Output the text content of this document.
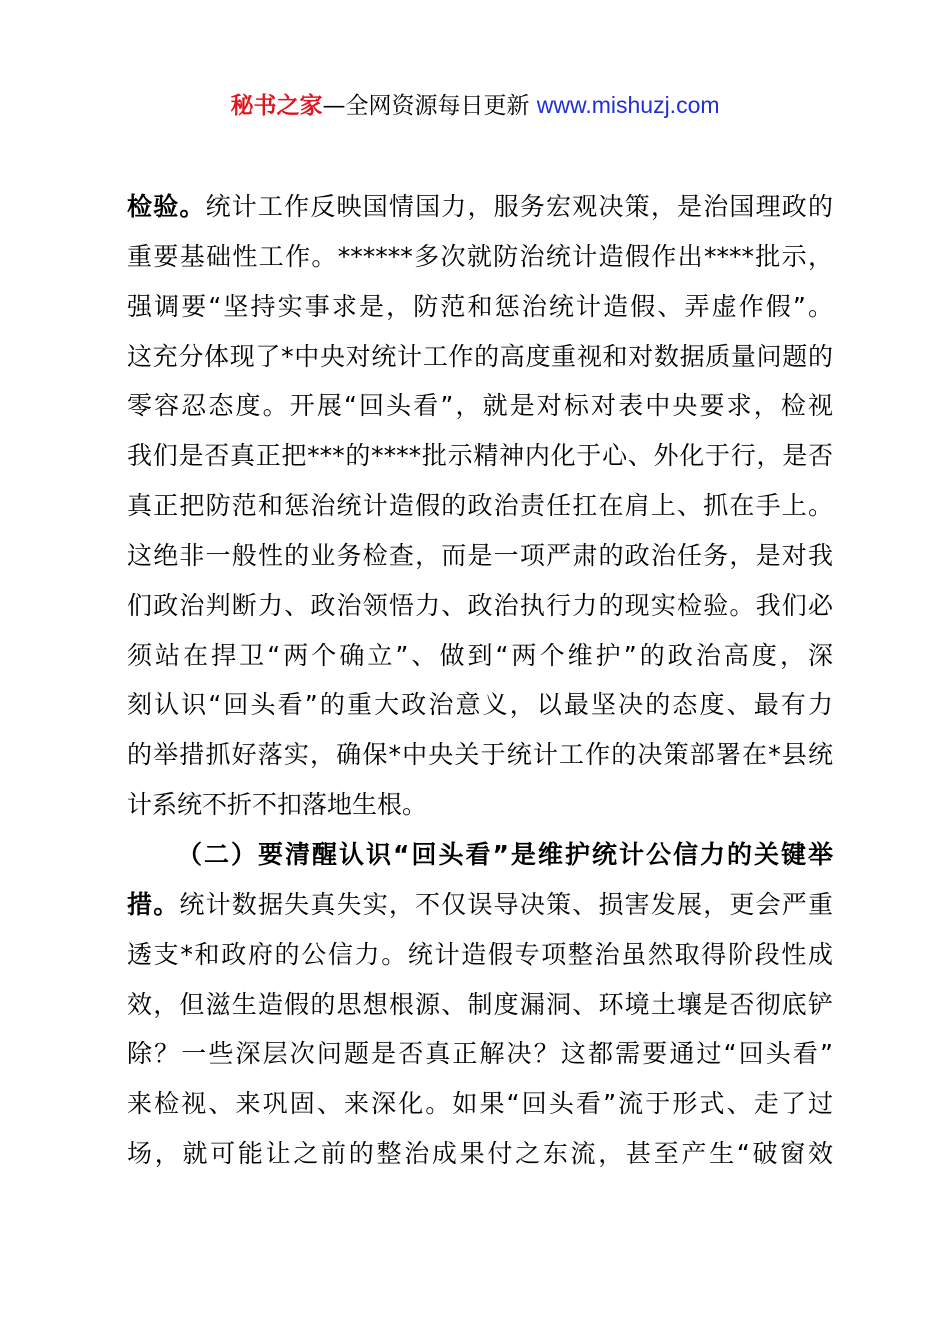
秘书之家—全网资源每日更新 www.mishuzj.com
检验。统计工作反映国情国力，服务宏观决策，是治国理政的
重要基础性工作。******多次就防治统计造假作出****批示，
强调要“坚持实事求是，防范和惩治统计造假、弄虚作假”。
这充分体现了*中央对统计工作的高度重视和对数据质量问题的
零容忍态度。开展“回头看”，就是对标对表中央要求，检视
我们是否真正把***的****批示精神内化于心、外化于行，是否
真正把防范和惩治统计造假的政治责任扛在肩上、抓在手上。
这绝非一般性的业务检查，而是一项严肃的政治任务，是对我
们政治判断力、政治领悟力、政治执行力的现实检验。我们必
须站在捍卫“两个确立”、做到“两个维护”的政治高度，深
刻认识“回头看”的重大政治意义，以最坚决的态度、最有力
的举措抓好落实，确保*中央关于统计工作的决策部署在*县统
计系统不折不扣落地生根。
（二）要清醒认识“回头看”是维护统计公信力的关键举
措。统计数据失真失实，不仅误导决策、损害发展，更会严重
透支*和政府的公信力。统计造假专项整治虽然取得阶段性成
效，但滋生造假的思想根源、制度漏洞、环境土壤是否彻底铲
除？一些深层次问题是否真正解决？这都需要通过“回头看”
来检视、来巩固、来深化。如果“回头看”流于形式、走了过
场，就可能让之前的整治成果付之东流，甚至产生“破窗效
